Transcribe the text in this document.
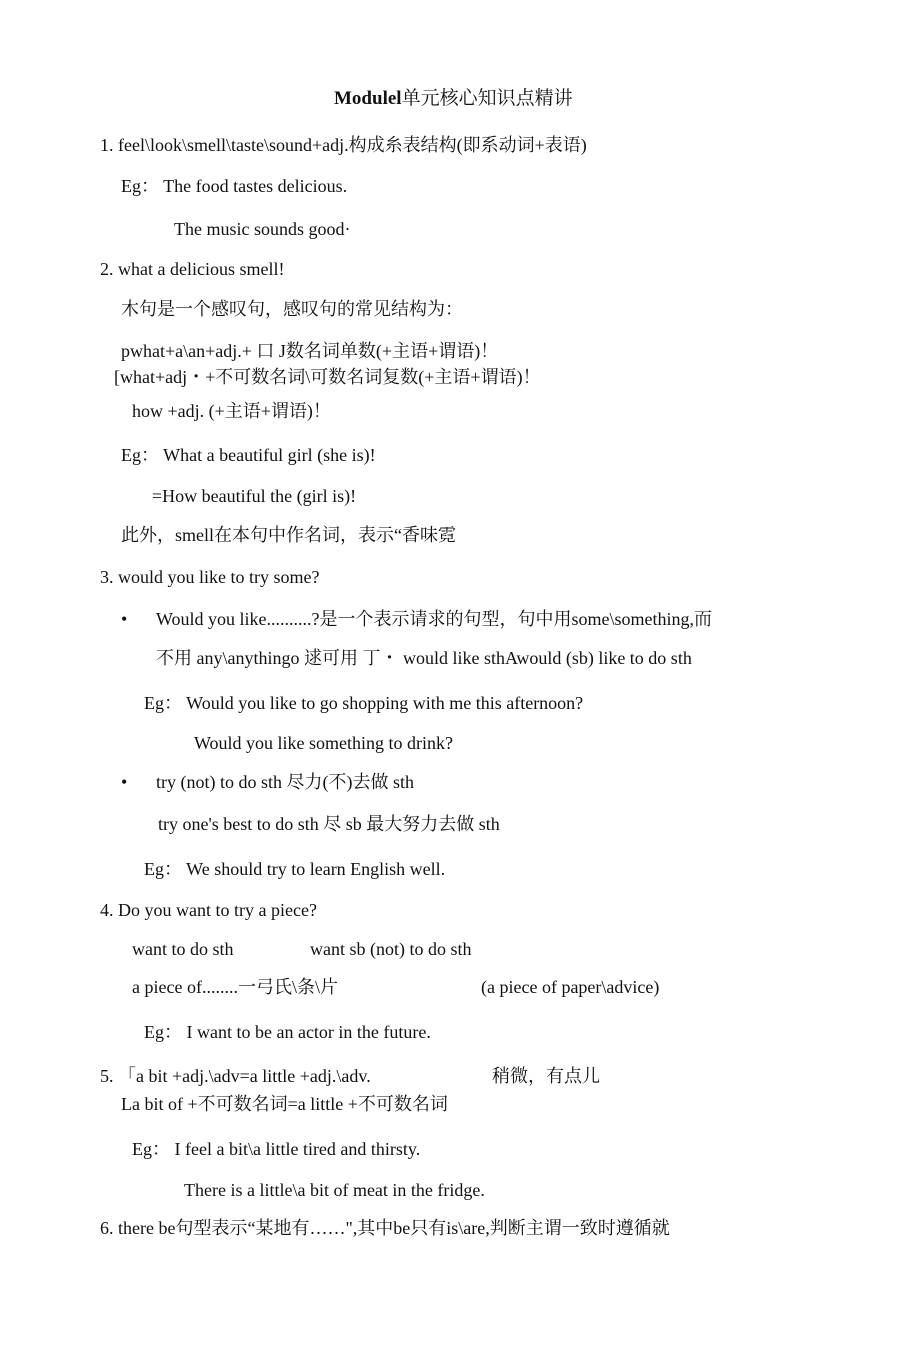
Modulel单元核心知识点精讲
1. feel\look\smell\taste\sound+adj.构成糸表结构(即系动词+表语)
Eg： The food tastes delicious.
The music sounds good·
2. what a delicious smell!
木句是一个感叹句，感叹句的常见结构为：
pwhat+a\an+adj.+ 口 J数名词单数(+主语+谓语)！
[what+adj・+不可数名词\可数名词复数(+主语+谓语)！
how +adj. (+主语+谓语)！
Eg： What a beautiful girl (she is)!
=How beautiful the (girl is)!
此外，smell在本句中作名词，表示“香味霓
3. would you like to try some?
• Would you like..........?是一个表示请求的句型，句中用some\something,而
不用 any\anythingo 逑可用 丁・ would like sthAwould (sb) like to do sth
Eg： Would you like to go shopping with me this afternoon?
Would you like something to drink?
• try (not) to do sth 尽力(不)去做 sth
try one's best to do sth 尽 sb 最大努力去做 sth
Eg： We should try to learn English well.
4. Do you want to try a piece?
want to do sth	want sb (not) to do sth
a piece of........一弓氏\条\片	(a piece of paper\advice)
Eg： I want to be an actor in the future.
5. 「a bit +adj.\adv=a little +adj.\adv.	稍微，有点儿
La bit of +不可数名词=a little +不可数名词
Eg： I feel a bit\a little tired and thirsty.
There is a little\a bit of meat in the fridge.
6. there be句型表示“某地有……",其中be只有is\are,判断主谓一致时遵循就
